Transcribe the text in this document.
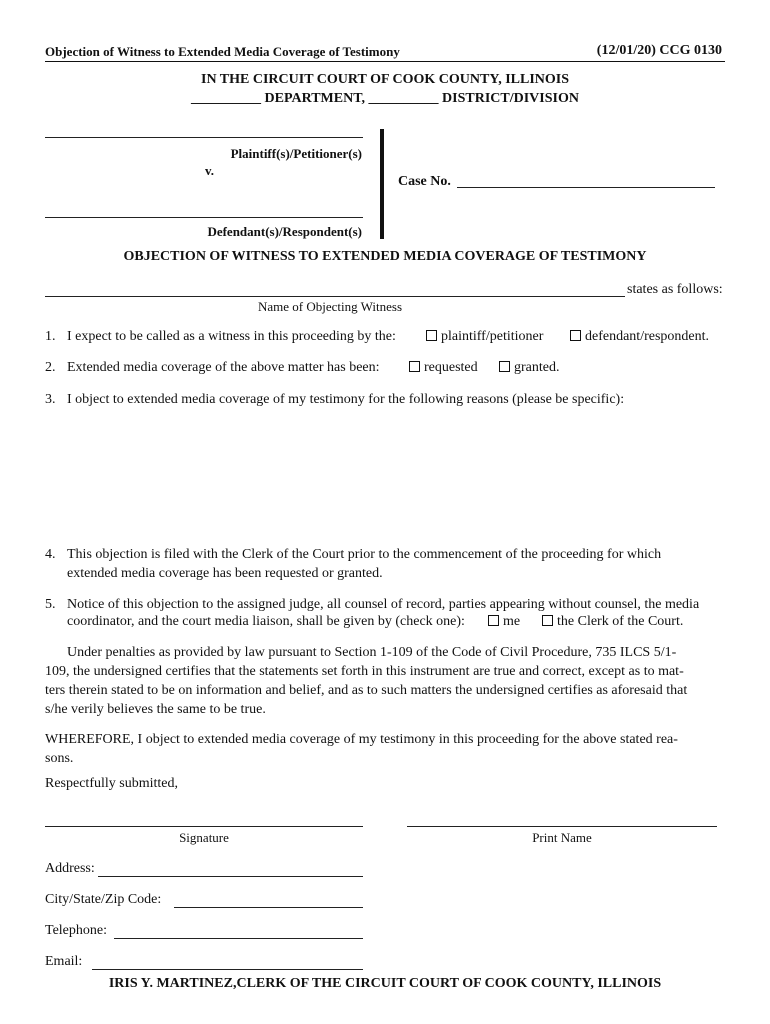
Objection of Witness to Extended Media Coverage of Testimony	(12/01/20) CCG 0130
IN THE CIRCUIT COURT OF COOK COUNTY, ILLINOIS
__________ DEPARTMENT, __________ DISTRICT/DIVISION
Plaintiff(s)/Petitioner(s)
v.
Defendant(s)/Respondent(s)
Case No.
OBJECTION OF WITNESS TO EXTENDED MEDIA COVERAGE OF TESTIMONY
states as follows:
Name of Objecting Witness
1. I expect to be called as a witness in this proceeding by the:	plaintiff/petitioner	defendant/respondent.
2. Extended media coverage of the above matter has been:	requested	granted.
3. I object to extended media coverage of my testimony for the following reasons (please be specific):
4. This objection is filed with the Clerk of the Court prior to the commencement of the proceeding for which
extended media coverage has been requested or granted.
5. Notice of this objection to the assigned judge, all counsel of record, parties appearing without counsel, the media
coordinator, and the court media liaison, shall be given by (check one):	me	the Clerk of the Court.
Under penalties as provided by law pursuant to Section 1-109 of the Code of Civil Procedure, 735 ILCS 5/1-
109, the undersigned certifies that the statements set forth in this instrument are true and correct, except as to mat-
ters therein stated to be on information and belief, and as to such matters the undersigned certifies as aforesaid that
s/he verily believes the same to be true.
WHEREFORE, I object to extended media coverage of my testimony in this proceeding for the above stated rea-
sons.
Respectfully submitted,
Signature	Print Name
Address:
City/State/Zip Code:
Telephone:
Email:
IRIS Y. MARTINEZ,CLERK OF THE CIRCUIT COURT OF COOK COUNTY, ILLINOIS
